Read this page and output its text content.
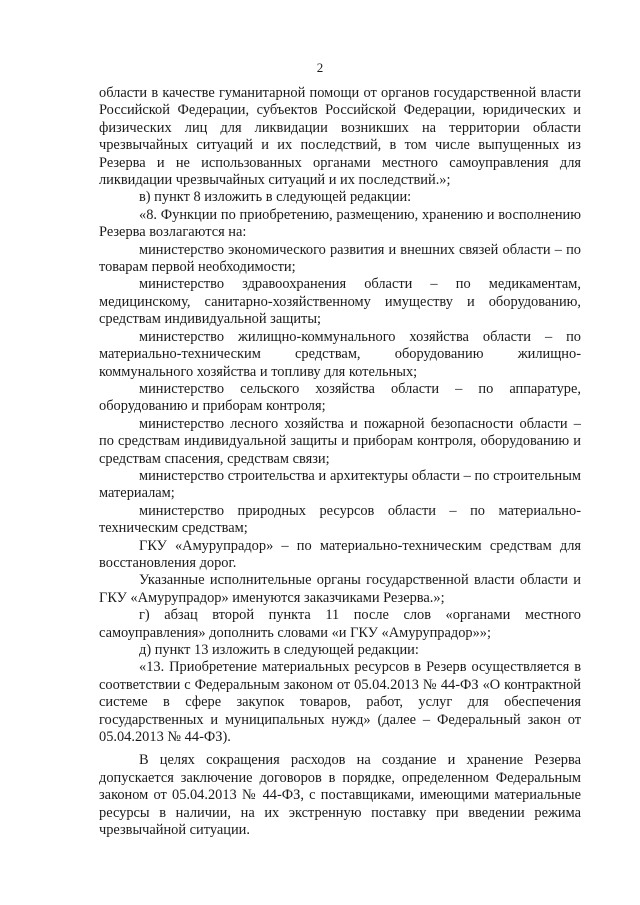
2

области в качестве гуманитарной помощи от органов государственной власти Российской Федерации, субъектов Российской Федерации, юридических и физических лиц для ликвидации возникших на территории области чрезвычайных ситуаций и их последствий, в том числе выпущенных из Резерва и не использованных органами местного самоуправления для ликвидации чрезвычайных ситуаций и их последствий.»;

в) пункт 8 изложить в следующей редакции:

«8. Функции по приобретению, размещению, хранению и восполнению Резерва возлагаются на:

министерство экономического развития и внешних связей области – по товарам первой необходимости;

министерство здравоохранения области – по медикаментам, медицинскому, санитарно-хозяйственному имуществу и оборудованию, средствам индивидуальной защиты;

министерство жилищно-коммунального хозяйства области – по материально-техническим средствам, оборудованию жилищно-коммунального хозяйства и топливу для котельных;

министерство сельского хозяйства области – по аппаратуре, оборудованию и приборам контроля;

министерство лесного хозяйства и пожарной безопасности области – по средствам индивидуальной защиты и приборам контроля, оборудованию и средствам спасения, средствам связи;

министерство строительства и архитектуры области – по строительным материалам;

министерство природных ресурсов области – по материально-техническим средствам;

ГКУ «Амурупрадор» – по материально-техническим средствам для восстановления дорог.

Указанные исполнительные органы государственной власти области и ГКУ «Амурупрадор» именуются заказчиками Резерва.»;

г) абзац второй пункта 11 после слов «органами местного самоуправления» дополнить словами «и ГКУ «Амурупрадор»»;

д) пункт 13 изложить в следующей редакции:

«13. Приобретение материальных ресурсов в Резерв осуществляется в соответствии с Федеральным законом от 05.04.2013 № 44-ФЗ «О контрактной системе в сфере закупок товаров, работ, услуг для обеспечения государственных и муниципальных нужд» (далее – Федеральный закон от 05.04.2013 № 44-ФЗ).

В целях сокращения расходов на создание и хранение Резерва допускается заключение договоров в порядке, определенном Федеральным законом от 05.04.2013 № 44-ФЗ, с поставщиками, имеющими материальные ресурсы в наличии, на их экстренную поставку при введении режима чрезвычайной ситуации.
